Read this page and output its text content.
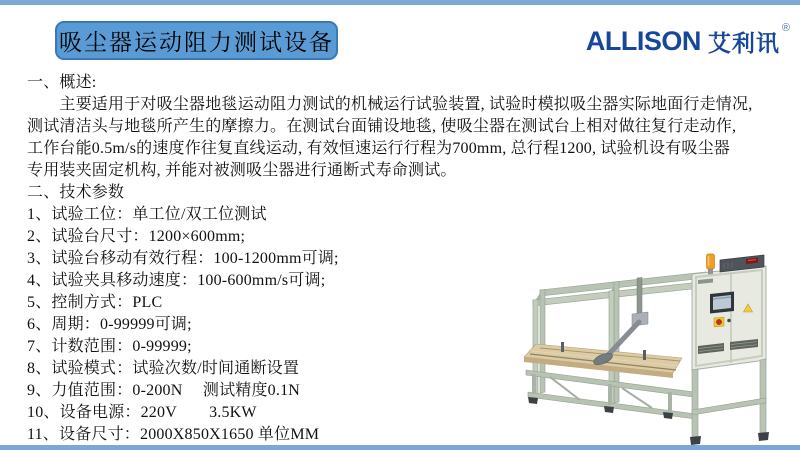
吸尘器运动阻力测试设备	ALLISON 艾利讯
®
一、概述:
　　主要适用于对吸尘器地毯运动阻力测试的机械运行试验装置, 试验时模拟吸尘器实际地面行走情况,
测试清洁头与地毯所产生的摩擦力。在测试台面铺设地毯, 使吸尘器在测试台上相对做往复行走动作,
工作台能0.5m/s的速度作往复直线运动, 有效恒速运行行程为700mm, 总行程1200, 试验机设有吸尘器
专用装夹固定机构, 并能对被测吸尘器进行通断式寿命测试。
二、技术参数
1、试验工位：单工位/双工位测试
2、试验台尺寸：1200×600mm;
3、试验台移动有效行程：100-1200mm可调;
4、试验夹具移动速度：100-600mm/s可调;
5、控制方式：PLC
6、周期：0-99999可调;
7、计数范围：0-99999;
8、试验模式：试验次数/时间通断设置
9、力值范围：0-200N　 测试精度0.1N
10、设备电源：220V　　3.5KW
11、设备尺寸：2000X850X1650 单位MM
